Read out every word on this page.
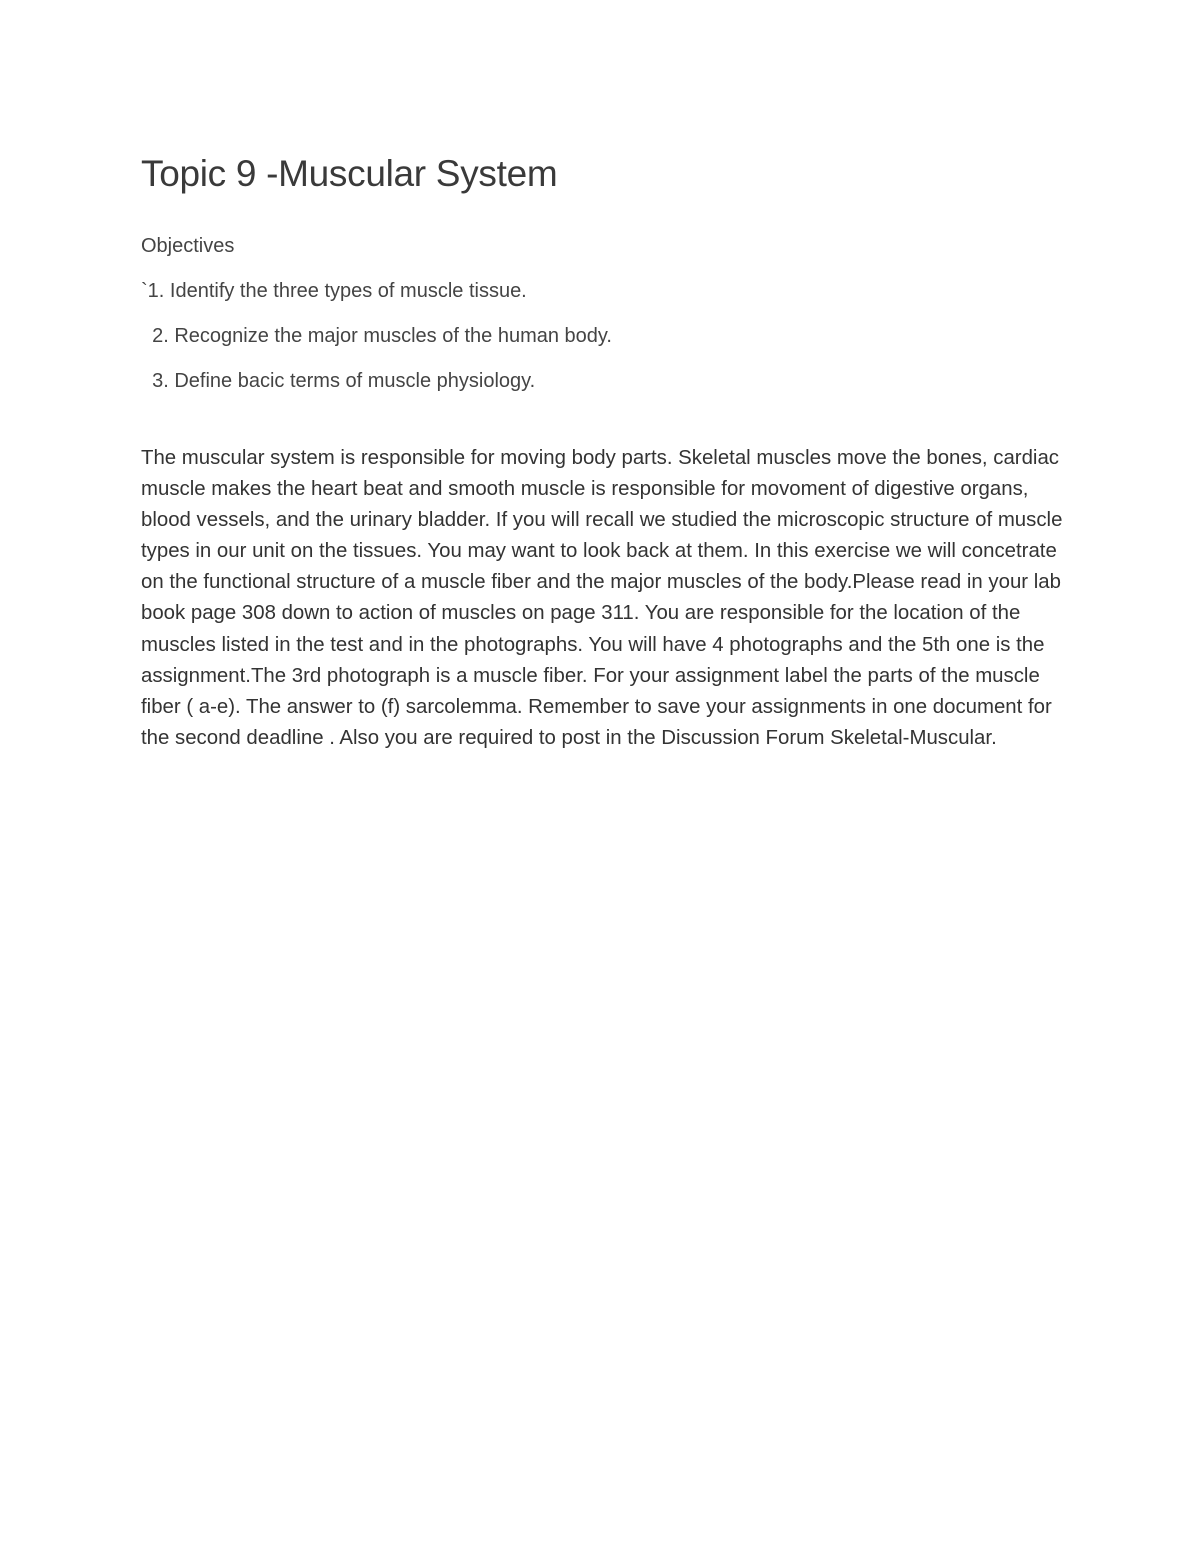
Topic 9 -Muscular System
Objectives
`1. Identify the three types of muscle tissue.
2. Recognize the major muscles of the human body.
3. Define bacic terms of muscle physiology.

The muscular system is responsible for moving body parts. Skeletal muscles move the bones, cardiac muscle makes the heart beat and smooth muscle is responsible for movoment of digestive organs, blood vessels, and the urinary bladder. If you will recall we studied the microscopic structure of muscle types in our unit on the tissues. You may want to look back at them. In this exercise we will concetrate on the functional structure of a muscle fiber and the major muscles of the body.Please read in your lab book page 308 down to action of muscles on page 311. You are responsible for the location of the muscles listed in the test and in the photographs. You will have 4 photographs and the 5th one is the assignment.The 3rd photograph is a muscle fiber. For your assignment label the parts of the muscle fiber ( a-e). The answer to (f) sarcolemma. Remember to save your assignments in one document for the second deadline . Also you are required to post in the Discussion Forum Skeletal-Muscular.
